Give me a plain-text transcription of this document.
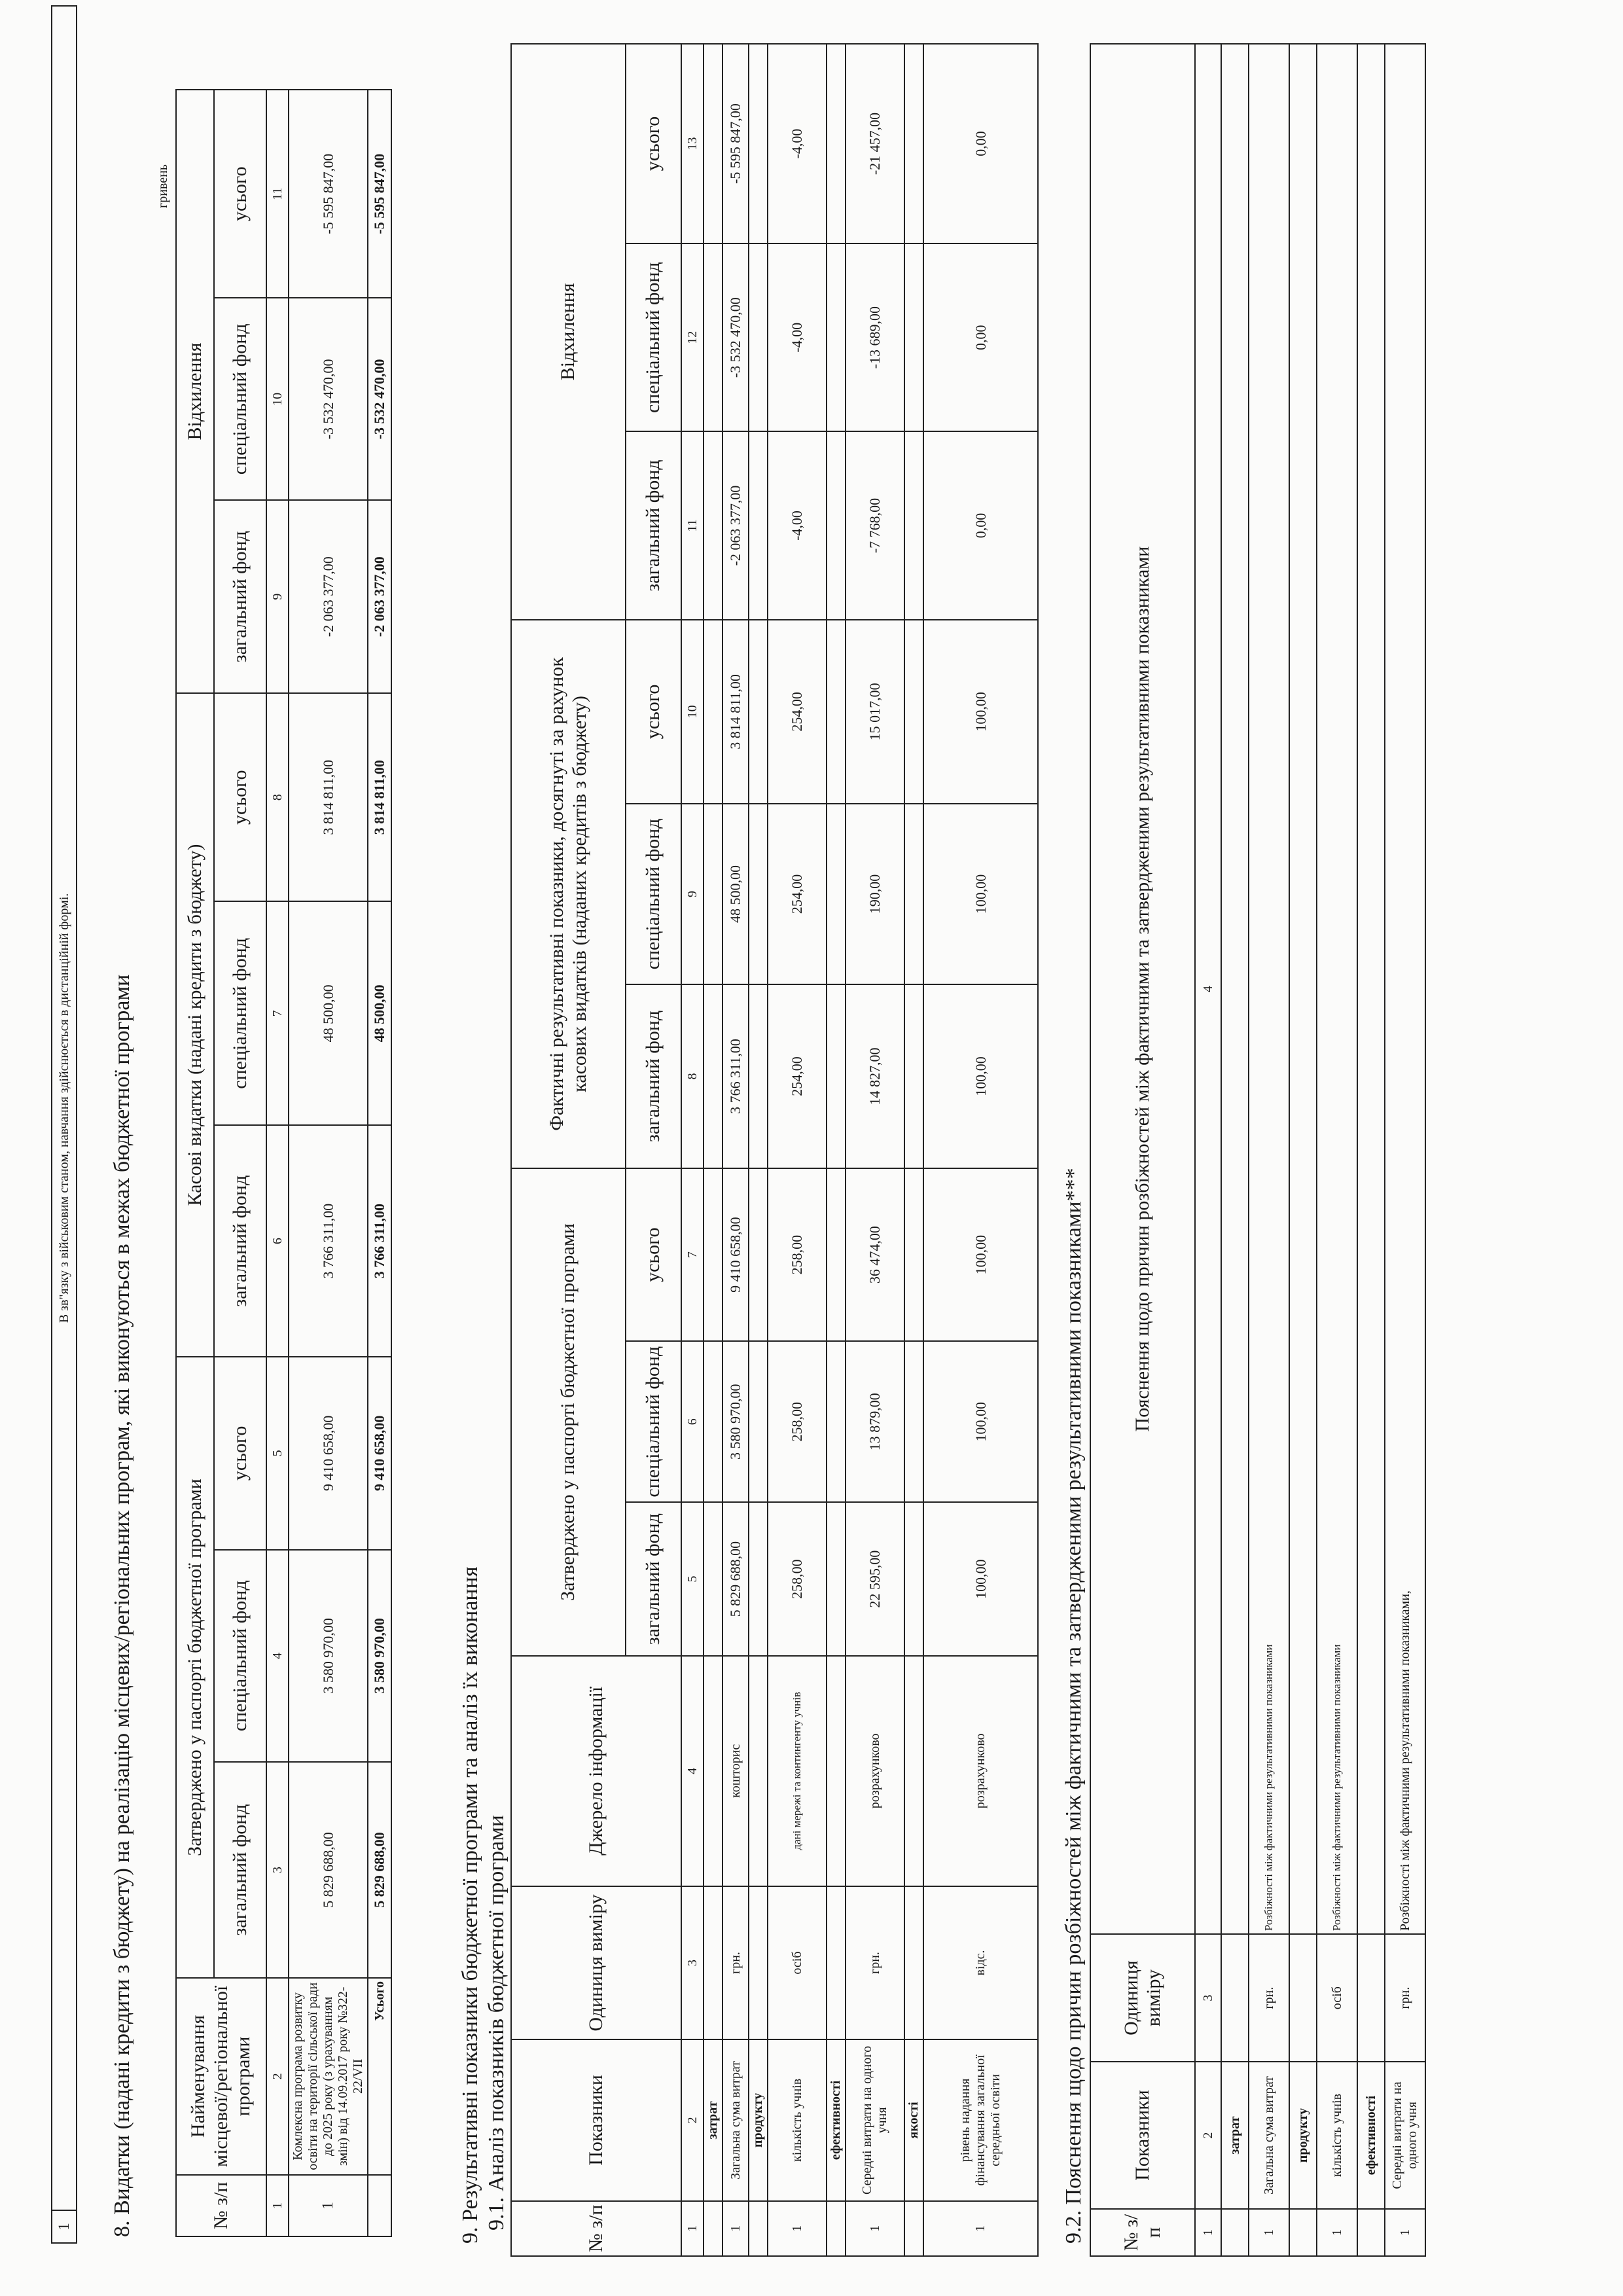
1	В зв"язку з військовим станом, навчання здійснюється в дистанційній формі. 8. Видатки (надані кредити з бюджету) на реалізацію місцевих/регіональних програм, які виконуються в межах бюджетної програми
гривень
№ з/п	Найменування місцевої/регіональної програми	Затверджено у паспорті бюджетної програми			Касові видатки (надані кредити з бюджету)			Відхилення		
		загальний фонд	спеціальний фонд	усього	загальний фонд	спеціальний фонд	усього	загальний фонд	спеціальний фонд	усього
1	2	3	4	5	6	7	8	9	10	11
1	Комлексна програма розвитку освіти на території сільської ради до 2025 року (з урахуванням змін) від 14.09.2017 року №322-22/VII	5 829 688,00	3 580 970,00	9 410 658,00	3 766 311,00	48 500,00	3 814 811,00	-2 063 377,00	-3 532 470,00	-5 595 847,00
	Усього	5 829 688,00	3 580 970,00	9 410 658,00	3 766 311,00	48 500,00	3 814 811,00	-2 063 377,00	-3 532 470,00	-5 595 847,00
9. Результативні показники бюджетної програми та аналіз їх виконання 9.1. Аналіз показників бюджетної програми	№ з/п	Показники	Одиниця виміру	Джерело інформації	Затверджено у паспорті бюджетної програми			Фактичні результативні показники, досягнуті за рахунок касових видатків (наданих кредитів з бюджету)			Відхилення		
				загальний фонд	спеціальний фонд	усього	загальний фонд	спеціальний фонд	усього	загальний фонд	спеціальний фонд	усього
1	2	3	4	5	6	7	8	9	10	11	12	13
	затрат											
1	Загальна сума витрат	грн.	кошторис	5 829 688,00	3 580 970,00	9 410 658,00	3 766 311,00	48 500,00	3 814 811,00	-2 063 377,00	-3 532 470,00	-5 595 847,00
	продукту											
1	кількість учнів	осіб	дані мережі та контингенту учнів	258,00	258,00	258,00	254,00	254,00	254,00	-4,00	-4,00	-4,00
	ефективності											
1	Середні витрати на одного учня	грн.	розрахунково	22 595,00	13 879,00	36 474,00	14 827,00	190,00	15 017,00	-7 768,00	-13 689,00	-21 457,00
	якості											
1	рівень надання фінансування загальної середньої освіти	відс.	розрахунково	100,00	100,00	100,00	100,00	100,00	100,00	0,00	0,00	0,00
9.2. Пояснення щодо причин розбіжностей між фактичними та затвердженими результативними показниками*** № з/п	Показники	Одиниця виміру	Пояснення щодо причин розбіжностей між фактичними та затвердженими результативними показниками
1	2	3	4
	затрат		
1	Загальна сума витрат	грн.	Розбіжності між фактичними результативними показниками
	продукту		
1	кількість учнів	осіб	Розбіжності між фактичними результативними показниками
	ефективності		
1	Середні витрати на одного учня	грн.	Розбіжності між фактичними результативними показниками,
